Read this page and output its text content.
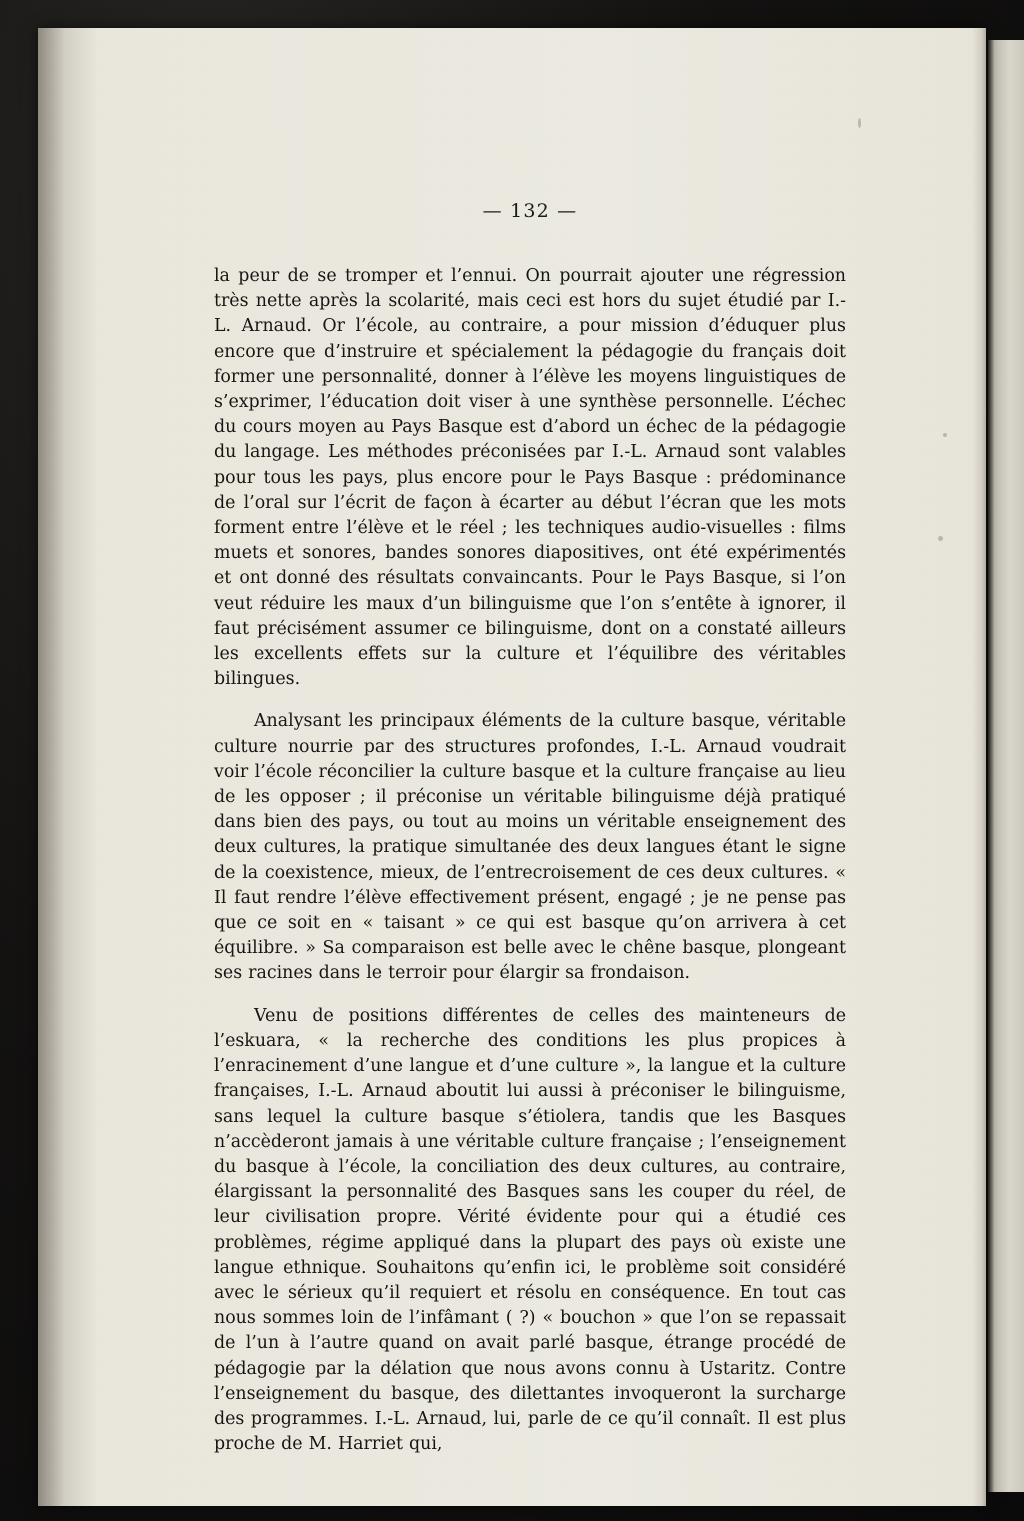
— 132 —

la peur de se tromper et l’ennui. On pourrait ajouter une régression très nette après la scolarité, mais ceci est hors du sujet étudié par I.-L. Arnaud. Or l’école, au contraire, a pour mission d’éduquer plus encore que d’instruire et spécialement la pédagogie du français doit former une personnalité, donner à l’élève les moyens linguistiques de s’exprimer, l’éducation doit viser à une synthèse personnelle. L’échec du cours moyen au Pays Basque est d’abord un échec de la pédagogie du langage. Les méthodes préconisées par I.-L. Arnaud sont valables pour tous les pays, plus encore pour le Pays Basque : prédominance de l’oral sur l’écrit de façon à écarter au début l’écran que les mots forment entre l’élève et le réel ; les techniques audio-visuelles : films muets et sonores, bandes sonores diapositives, ont été expérimentés et ont donné des résultats convaincants. Pour le Pays Basque, si l’on veut réduire les maux d’un bilinguisme que l’on s’entête à ignorer, il faut précisément assumer ce bilinguisme, dont on a constaté ailleurs les excellents effets sur la culture et l’équilibre des véritables bilingues.

Analysant les principaux éléments de la culture basque, véritable culture nourrie par des structures profondes, I.-L. Arnaud voudrait voir l’école réconcilier la culture basque et la culture française au lieu de les opposer ; il préconise un véritable bilinguisme déjà pratiqué dans bien des pays, ou tout au moins un véritable enseignement des deux cultures, la pratique simultanée des deux langues étant le signe de la coexistence, mieux, de l’entrecroisement de ces deux cultures. « Il faut rendre l’élève effectivement présent, engagé ; je ne pense pas que ce soit en « taisant » ce qui est basque qu’on arrivera à cet équilibre. » Sa comparaison est belle avec le chêne basque, plongeant ses racines dans le terroir pour élargir sa frondaison.

Venu de positions différentes de celles des mainteneurs de l’eskuara, « la recherche des conditions les plus propices à l’enracinement d’une langue et d’une culture », la langue et la culture françaises, I.-L. Arnaud aboutit lui aussi à préconiser le bilinguisme, sans lequel la culture basque s’étiolera, tandis que les Basques n’accèderont jamais à une véritable culture française ; l’enseignement du basque à l’école, la conciliation des deux cultures, au contraire, élargissant la personnalité des Basques sans les couper du réel, de leur civilisation propre. Vérité évidente pour qui a étudié ces problèmes, régime appliqué dans la plupart des pays où existe une langue ethnique. Souhaitons qu’enfin ici, le problème soit considéré avec le sérieux qu’il requiert et résolu en conséquence. En tout cas nous sommes loin de l’infâmant ( ?) « bouchon » que l’on se repassait de l’un à l’autre quand on avait parlé basque, étrange procédé de pédagogie par la délation que nous avons connu à Ustaritz. Contre l’enseignement du basque, des dilettantes invoqueront la surcharge des programmes. I.-L. Arnaud, lui, parle de ce qu’il connaît. Il est plus proche de M. Harriet qui,
